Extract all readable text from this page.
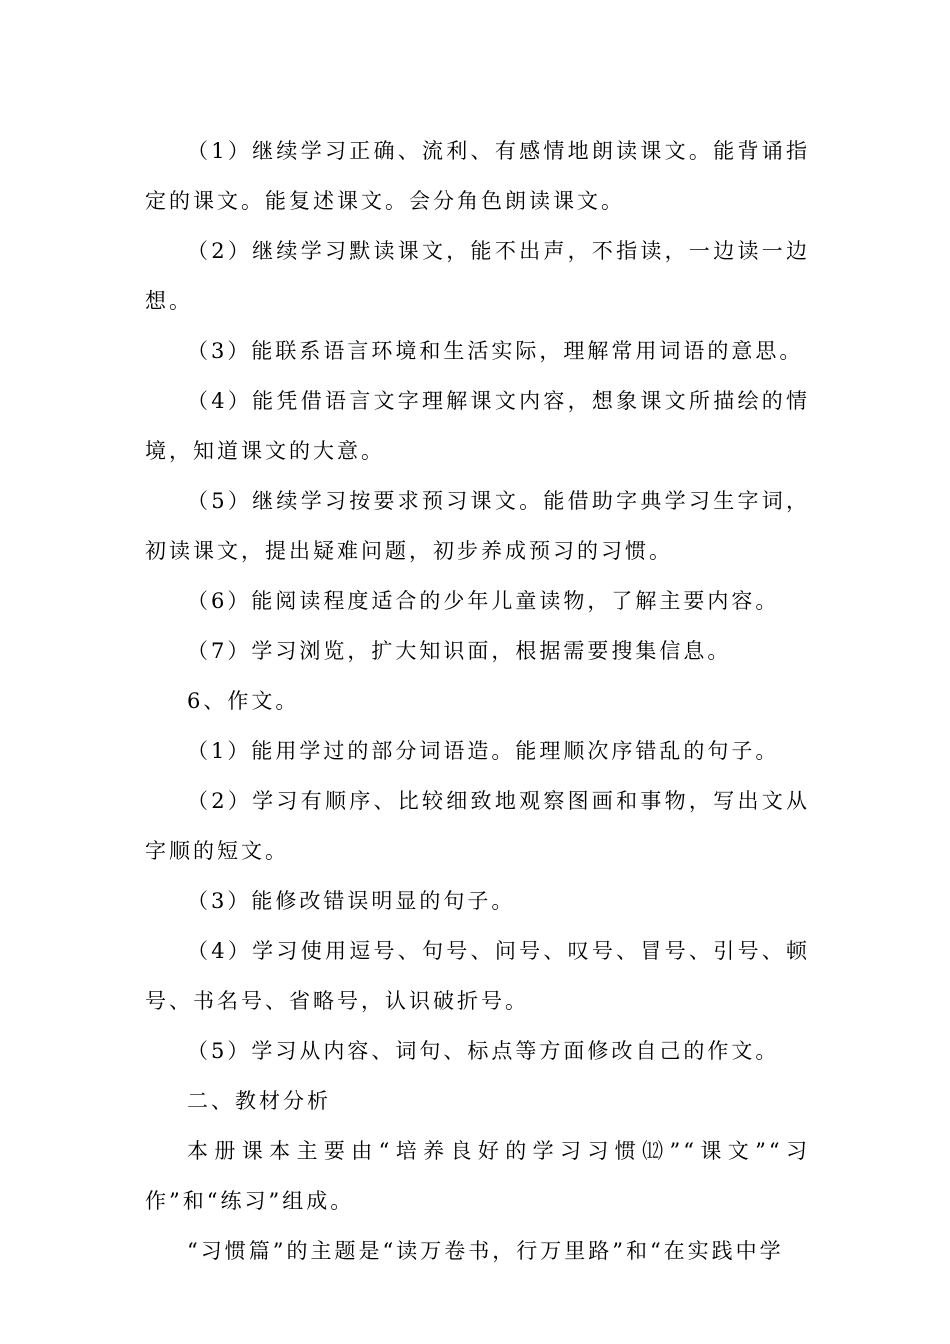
（1）继续学习正确、流利、有感情地朗读课文。能背诵指定的课文。能复述课文。会分角色朗读课文。

（2）继续学习默读课文，能不出声，不指读，一边读一边想。

（3）能联系语言环境和生活实际，理解常用词语的意思。

（4）能凭借语言文字理解课文内容，想象课文所描绘的情境，知道课文的大意。

（5）继续学习按要求预习课文。能借助字典学习生字词，初读课文，提出疑难问题，初步养成预习的习惯。

（6）能阅读程度适合的少年儿童读物，了解主要内容。

（7）学习浏览，扩大知识面，根据需要搜集信息。

6、作文。

（1）能用学过的部分词语造。能理顺次序错乱的句子。

（2）学习有顺序、比较细致地观察图画和事物，写出文从字顺的短文。

（3）能修改错误明显的句子。

（4）学习使用逗号、句号、问号、叹号、冒号、引号、顿号、书名号、省略号，认识破折号。

（5）学习从内容、词句、标点等方面修改自己的作文。

二、教材分析

本册课本主要由“培养良好的学习习惯⑿”“课文”“习作”和“练习”组成。

“习惯篇”的主题是“读万卷书，行万里路”和“在实践中学
